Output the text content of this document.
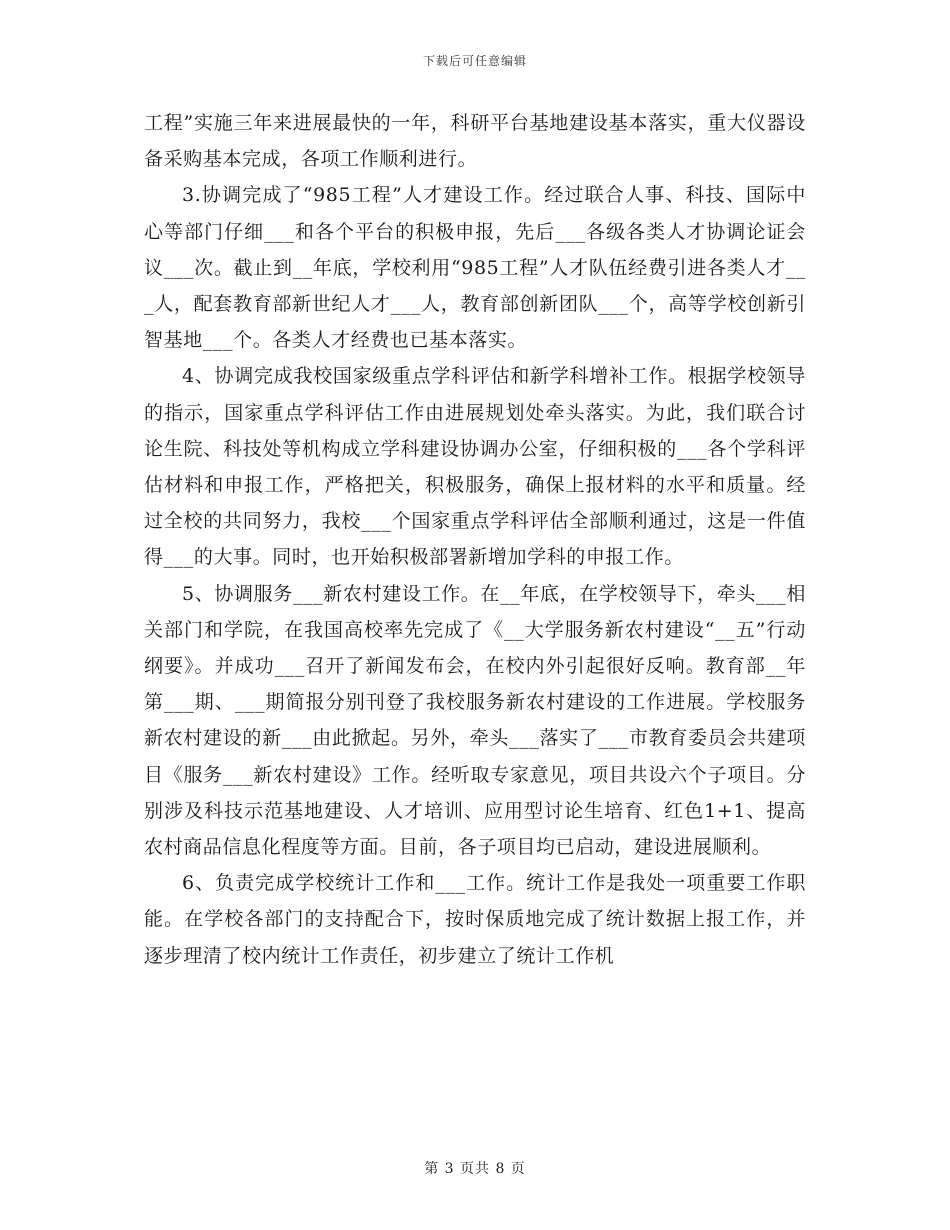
下载后可任意编辑

工程”实施三年来进展最快的一年，科研平台基地建设基本落实，重大仪器设备采购基本完成，各项工作顺利进行。

3.协调完成了“985工程”人才建设工作。经过联合人事、科技、国际中心等部门仔细___和各个平台的积极申报，先后___各级各类人才协调论证会议___次。截止到__年底，学校利用“985工程”人才队伍经费引进各类人才___人，配套教育部新世纪人才___人，教育部创新团队___个，高等学校创新引智基地___个。各类人才经费也已基本落实。

4、协调完成我校国家级重点学科评估和新学科增补工作。根据学校领导的指示，国家重点学科评估工作由进展规划处牵头落实。为此，我们联合讨论生院、科技处等机构成立学科建设协调办公室，仔细积极的___各个学科评估材料和申报工作，严格把关，积极服务，确保上报材料的水平和质量。经过全校的共同努力，我校___个国家重点学科评估全部顺利通过，这是一件值得___的大事。同时，也开始积极部署新增加学科的申报工作。

5、协调服务___新农村建设工作。在__年底，在学校领导下，牵头___相关部门和学院，在我国高校率先完成了《__大学服务新农村建设“__五”行动纲要》。并成功___召开了新闻发布会，在校内外引起很好反响。教育部__年第___期、___期简报分别刊登了我校服务新农村建设的工作进展。学校服务新农村建设的新___由此掀起。另外，牵头___落实了___市教育委员会共建项目《服务___新农村建设》工作。经听取专家意见，项目共设六个子项目。分别涉及科技示范基地建设、人才培训、应用型讨论生培育、红色1+1、提高农村商品信息化程度等方面。目前，各子项目均已启动，建设进展顺利。

6、负责完成学校统计工作和___工作。统计工作是我处一项重要工作职能。在学校各部门的支持配合下，按时保质地完成了统计数据上报工作，并逐步理清了校内统计工作责任，初步建立了统计工作机

第 3 页共 8 页
